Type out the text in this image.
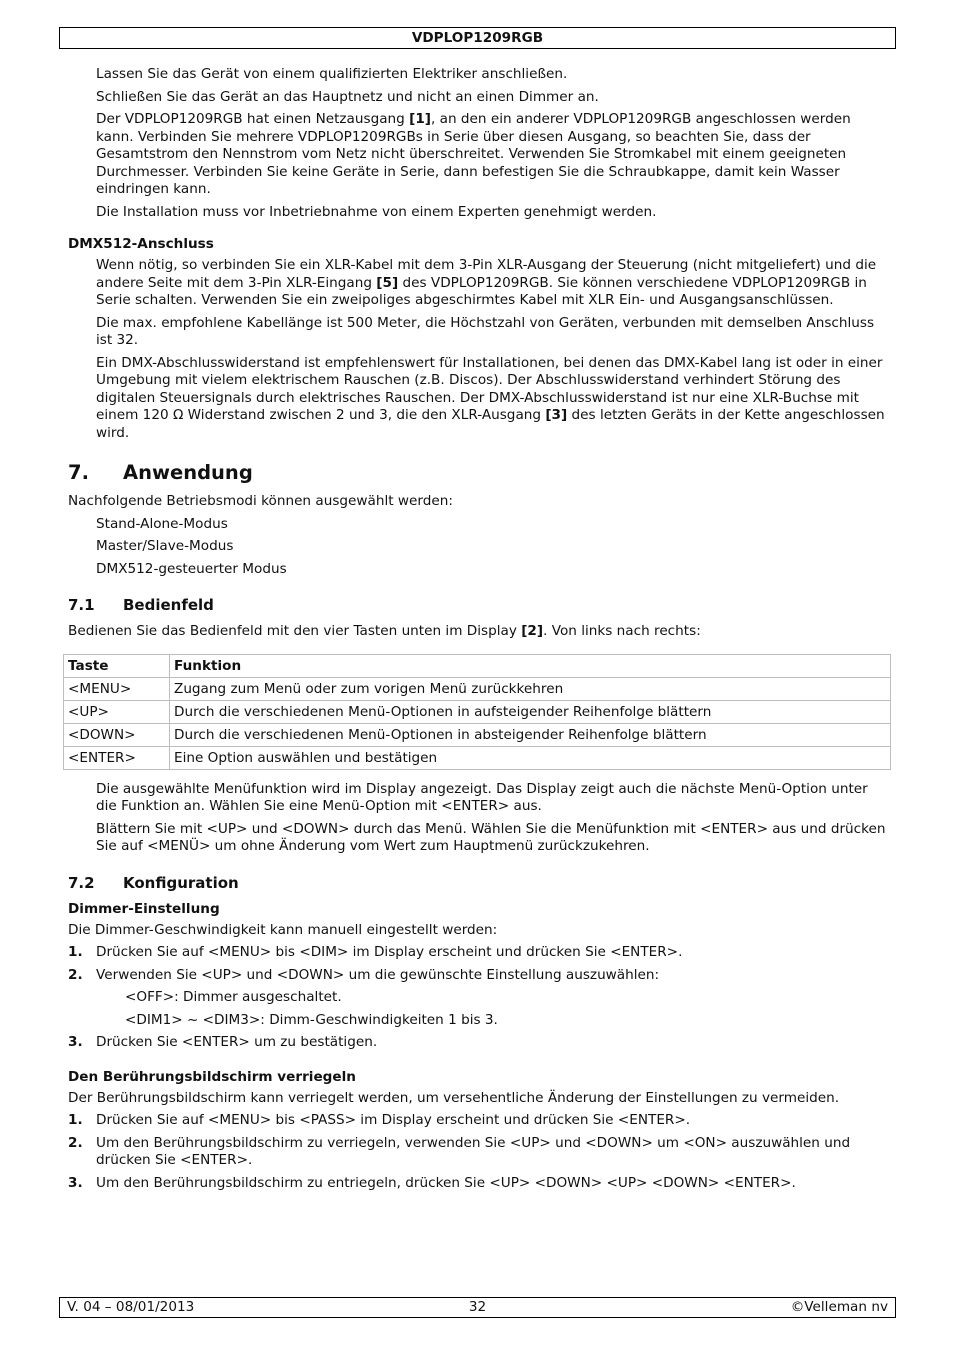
VDPLOP1209RGB

Lassen Sie das Gerät von einem qualifizierten Elektriker anschließen.

Schließen Sie das Gerät an das Hauptnetz und nicht an einen Dimmer an.

Der VDPLOP1209RGB hat einen Netzausgang [1], an den ein anderer VDPLOP1209RGB angeschlossen werden kann. Verbinden Sie mehrere VDPLOP1209RGBs in Serie über diesen Ausgang, so beachten Sie, dass der Gesamtstrom den Nennstrom vom Netz nicht überschreitet. Verwenden Sie Stromkabel mit einem geeigneten Durchmesser. Verbinden Sie keine Geräte in Serie, dann befestigen Sie die Schraubkappe, damit kein Wasser eindringen kann.

Die Installation muss vor Inbetriebnahme von einem Experten genehmigt werden.

DMX512-Anschluss

Wenn nötig, so verbinden Sie ein XLR-Kabel mit dem 3-Pin XLR-Ausgang der Steuerung (nicht mitgeliefert) und die andere Seite mit dem 3-Pin XLR-Eingang [5] des VDPLOP1209RGB. Sie können verschiedene VDPLOP1209RGB in Serie schalten. Verwenden Sie ein zweipoliges abgeschirmtes Kabel mit XLR Ein- und Ausgangsanschlüssen.

Die max. empfohlene Kabellänge ist 500 Meter, die Höchstzahl von Geräten, verbunden mit demselben Anschluss ist 32.

Ein DMX-Abschlusswiderstand ist empfehlenswert für Installationen, bei denen das DMX-Kabel lang ist oder in einer Umgebung mit vielem elektrischem Rauschen (z.B. Discos). Der Abschlusswiderstand verhindert Störung des digitalen Steuersignals durch elektrisches Rauschen. Der DMX-Abschlusswiderstand ist nur eine XLR-Buchse mit einem 120 Ω Widerstand zwischen 2 und 3, die den XLR-Ausgang [3] des letzten Geräts in der Kette angeschlossen wird.

7.	Anwendung

Nachfolgende Betriebsmodi können ausgewählt werden:

Stand-Alone-Modus

Master/Slave-Modus

DMX512-gesteuerter Modus

7.1	Bedienfeld

Bedienen Sie das Bedienfeld mit den vier Tasten unten im Display [2]. Von links nach rechts:

Taste	Funktion
<MENU>	Zugang zum Menü oder zum vorigen Menü zurückkehren
<UP>	Durch die verschiedenen Menü-Optionen in aufsteigender Reihenfolge blättern
<DOWN>	Durch die verschiedenen Menü-Optionen in absteigender Reihenfolge blättern
<ENTER>	Eine Option auswählen und bestätigen

Die ausgewählte Menüfunktion wird im Display angezeigt. Das Display zeigt auch die nächste Menü-Option unter die Funktion an. Wählen Sie eine Menü-Option mit <ENTER> aus.

Blättern Sie mit <UP> und <DOWN> durch das Menü. Wählen Sie die Menüfunktion mit <ENTER> aus und drücken Sie auf <MENÜ> um ohne Änderung vom Wert zum Hauptmenü zurückzukehren.

7.2	Konfiguration
Dimmer-Einstellung

Die Dimmer-Geschwindigkeit kann manuell eingestellt werden:

1. Drücken Sie auf <MENU> bis <DIM> im Display erscheint und drücken Sie <ENTER>.
2. Verwenden Sie <UP> und <DOWN> um die gewünschte Einstellung auszuwählen:

<OFF>: Dimmer ausgeschaltet.

<DIM1> ~ <DIM3>: Dimm-Geschwindigkeiten 1 bis 3.

3. Drücken Sie <ENTER> um zu bestätigen.
Den Berührungsbildschirm verriegeln

Der Berührungsbildschirm kann verriegelt werden, um versehentliche Änderung der Einstellungen zu vermeiden.

1. Drücken Sie auf <MENU> bis <PASS> im Display erscheint und drücken Sie <ENTER>.
2. Um den Berührungsbildschirm zu verriegeln, verwenden Sie <UP> und <DOWN> um <ON> auszuwählen und drücken Sie <ENTER>.
3. Um den Berührungsbildschirm zu entriegeln, drücken Sie <UP> <DOWN> <UP> <DOWN> <ENTER>.
V. 04 – 08/01/2013	32	©Velleman nv
